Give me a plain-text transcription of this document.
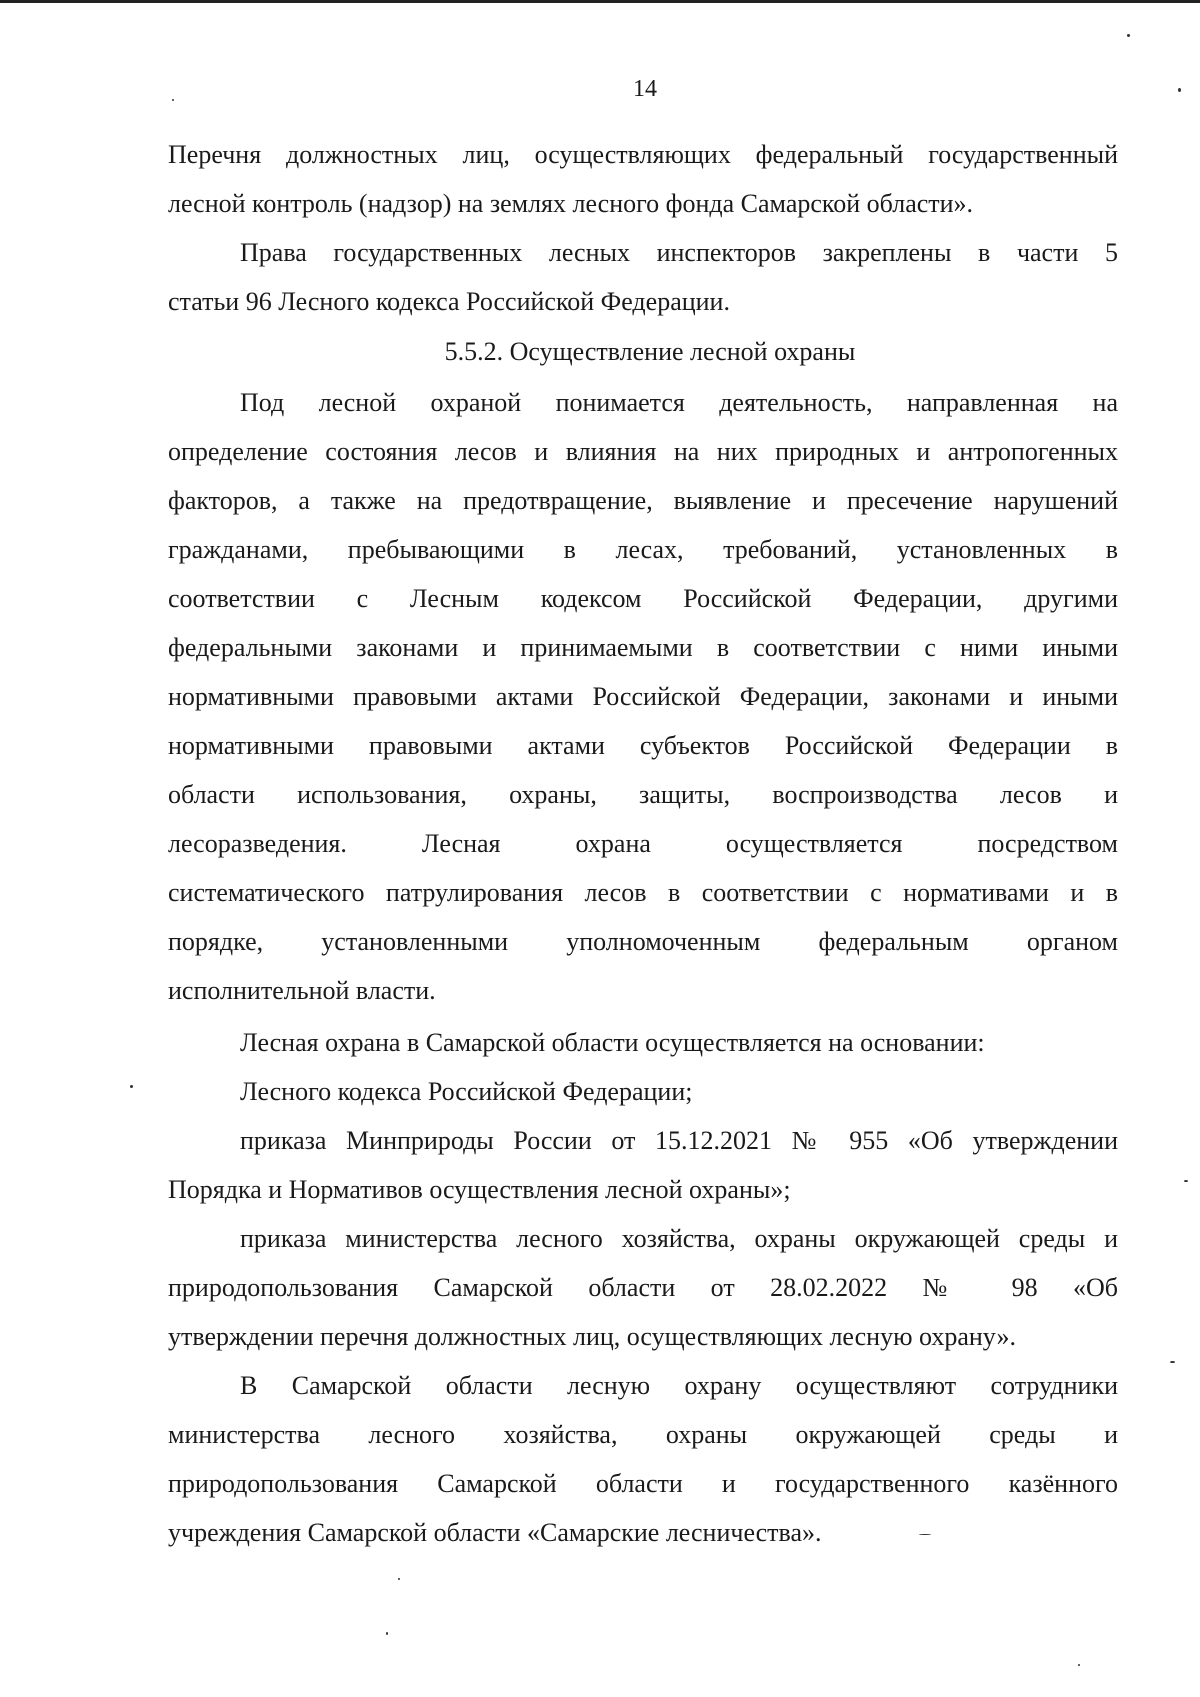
14
Перечня должностных лиц, осуществляющих федеральный государственный
лесной контроль (надзор) на землях лесного фонда Самарской области».
Права государственных лесных инспекторов закреплены в части 5
статьи 96 Лесного кодекса Российской Федерации.
5.5.2. Осуществление лесной охраны
Под лесной охраной понимается деятельность, направленная на
определение состояния лесов и влияния на них природных и антропогенных
факторов, а также на предотвращение, выявление и пресечение нарушений
гражданами, пребывающими в лесах, требований, установленных в
соответствии с Лесным кодексом Российской Федерации, другими
федеральными законами и принимаемыми в соответствии с ними иными
нормативными правовыми актами Российской Федерации, законами и иными
нормативными правовыми актами субъектов Российской Федерации в
области использования, охраны, защиты, воспроизводства лесов и
лесоразведения. Лесная охрана осуществляется посредством
систематического патрулирования лесов в соответствии с нормативами и в
порядке, установленными уполномоченным федеральным органом
исполнительной власти.
Лесная охрана в Самарской области осуществляется на основании:
Лесного кодекса Российской Федерации;
приказа Минприроды России от 15.12.2021 № 955 «Об утверждении
Порядка и Нормативов осуществления лесной охраны»;
приказа министерства лесного хозяйства, охраны окружающей среды и
природопользования Самарской области от 28.02.2022 № 98 «Об
утверждении перечня должностных лиц, осуществляющих лесную охрану».
В Самарской области лесную охрану осуществляют сотрудники
министерства лесного хозяйства, охраны окружающей среды и
природопользования Самарской области и государственного казённого
учреждения Самарской области «Самарские лесничества».
